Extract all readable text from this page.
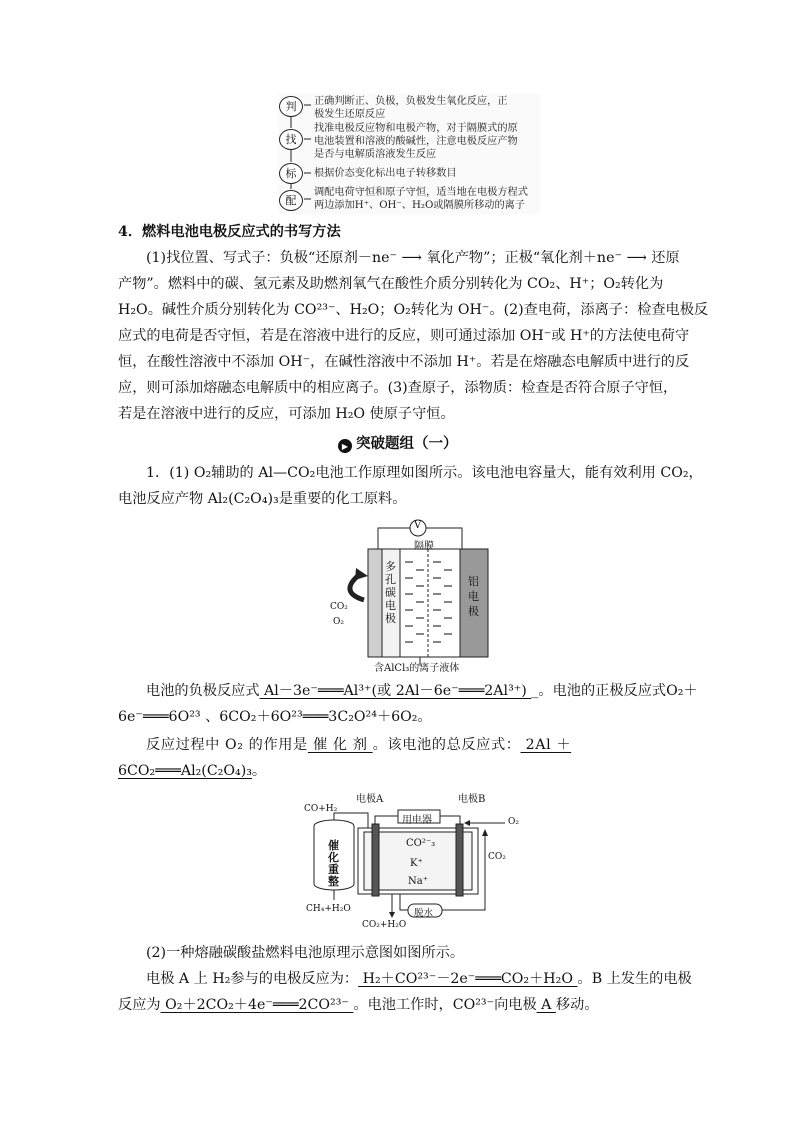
判
找
标
配
正确判断正、负极，负极发生氧化反应，正
极发生还原反应
找准电极反应物和电极产物，对于隔膜式的原
电池装置和溶液的酸碱性，注意电极反应产物
是否与电解质溶液发生反应
根据价态变化标出电子转移数目
调配电荷守恒和原子守恒，适当地在电极方程式
两边添加H⁺、OH⁻、H₂O或隔膜所移动的离子
4．燃料电池电极反应式的书写方法
(1)找位置、写式子：负极“还原剂－ne⁻ ⟶ 氧化产物”；正极“氧化剂＋ne⁻ ⟶ 还原
产物”。燃料中的碳、氢元素及助燃剂氧气在酸性介质分别转化为 CO₂、H⁺；O₂转化为
H₂O。碱性介质分别转化为 CO²³⁻、H₂O；O₂转化为 OH⁻。(2)查电荷，添离子：检查电极反
应式的电荷是否守恒，若是在溶液中进行的反应，则可通过添加 OH⁻或 H⁺的方法使电荷守
恒，在酸性溶液中不添加 OH⁻，在碱性溶液中不添加 H⁺。若是在熔融态电解质中进行的反
应，则可添加熔融态电解质中的相应离子。(3)查原子，添物质：检查是否符合原子守恒，
若是在溶液中进行的反应，可添加 H₂O 使原子守恒。
▶ 突破题组（一）
1．(1) O₂辅助的 Al—CO₂电池工作原理如图所示。该电池电容量大，能有效利用 CO₂，
电池反应产物 Al₂(C₂O₄)₃是重要的化工原料。
V
隔膜
多孔碳电极
铝电极
CO₂
O₂
含AlCl₃的离子液体
电池的负极反应式 Al－3e⁻═══Al³⁺(或 2Al－6e⁻═══2Al³⁺) _。电池的正极反应式O₂＋
6e⁻═══6O²³ 、6CO₂＋6O²³═══3C₂O²⁴＋6O₂。
反应过程中 O₂ 的作用是 催 化 剂 。该电池的总反应式： 2Al ＋
6CO₂═══Al₂(C₂O₄)₃。
电极A	电极B
用电器
CO+H₂
催化重整
CH₄+H₂O
O₂
CO₂
CO²⁻₃
K⁺
Na⁺
脱水
CO₂+H₂O
(2)一种熔融碳酸盐燃料电池原理示意图如图所示。
电极 A 上 H₂参与的电极反应为： H₂＋CO²³⁻－2e⁻═══CO₂＋H₂O 。B 上发生的电极
反应为 O₂＋2CO₂＋4e⁻═══2CO²³⁻ 。电池工作时，CO²³⁻向电极 A 移动。
